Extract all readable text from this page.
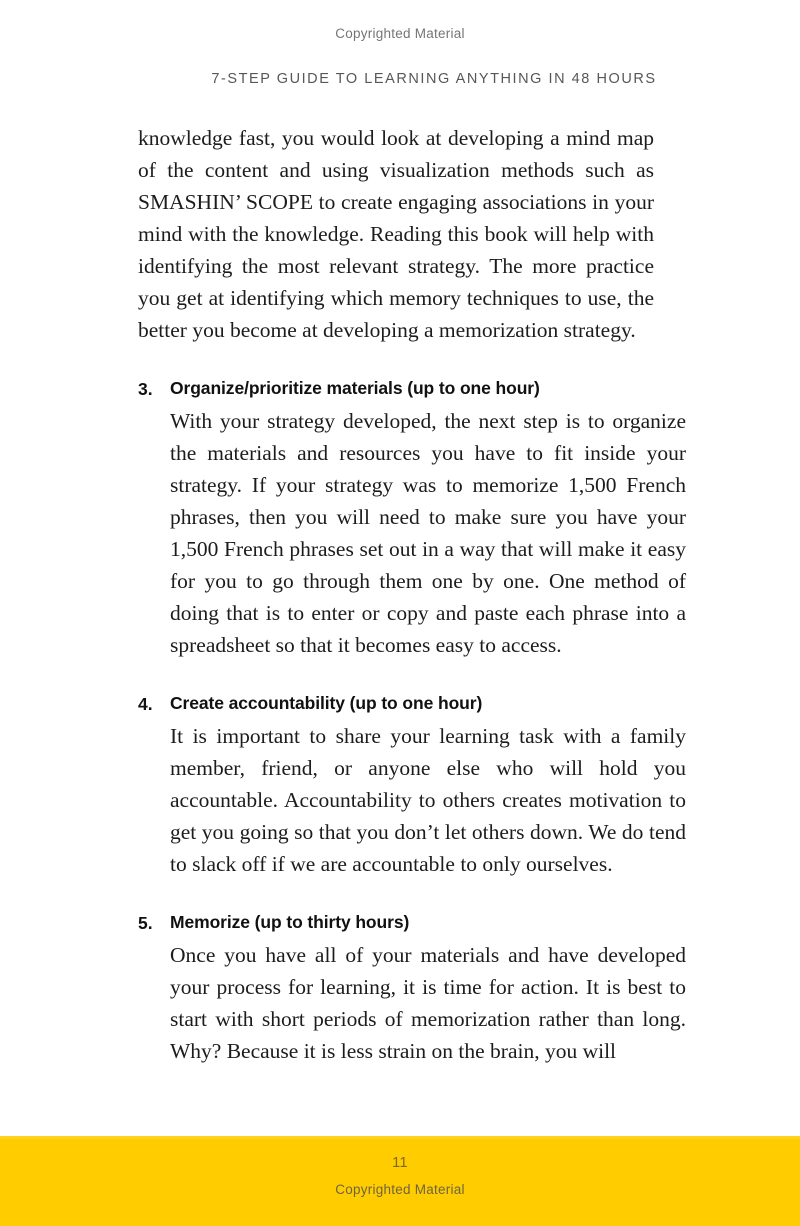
Copyrighted Material
7-STEP GUIDE TO LEARNING ANYTHING IN 48 HOURS

knowledge fast, you would look at developing a mind map of the content and using visualization methods such as SMASHIN’ SCOPE to create engaging associations in your mind with the knowledge. Reading this book will help with identifying the most relevant strategy. The more practice you get at identifying which memory techniques to use, the better you become at developing a memorization strategy.

3. Organize/prioritize materials (up to one hour)

With your strategy developed, the next step is to organize the materials and resources you have to fit inside your strategy. If your strategy was to memorize 1,500 French phrases, then you will need to make sure you have your 1,500 French phrases set out in a way that will make it easy for you to go through them one by one. One method of doing that is to enter or copy and paste each phrase into a spreadsheet so that it becomes easy to access.

4. Create accountability (up to one hour)

It is important to share your learning task with a family member, friend, or anyone else who will hold you accountable. Accountability to others creates motivation to get you going so that you don’t let others down. We do tend to slack off if we are accountable to only ourselves.

5. Memorize (up to thirty hours)

Once you have all of your materials and have developed your process for learning, it is time for action. It is best to start with short periods of memorization rather than long. Why? Because it is less strain on the brain, you will

11
Copyrighted Material
